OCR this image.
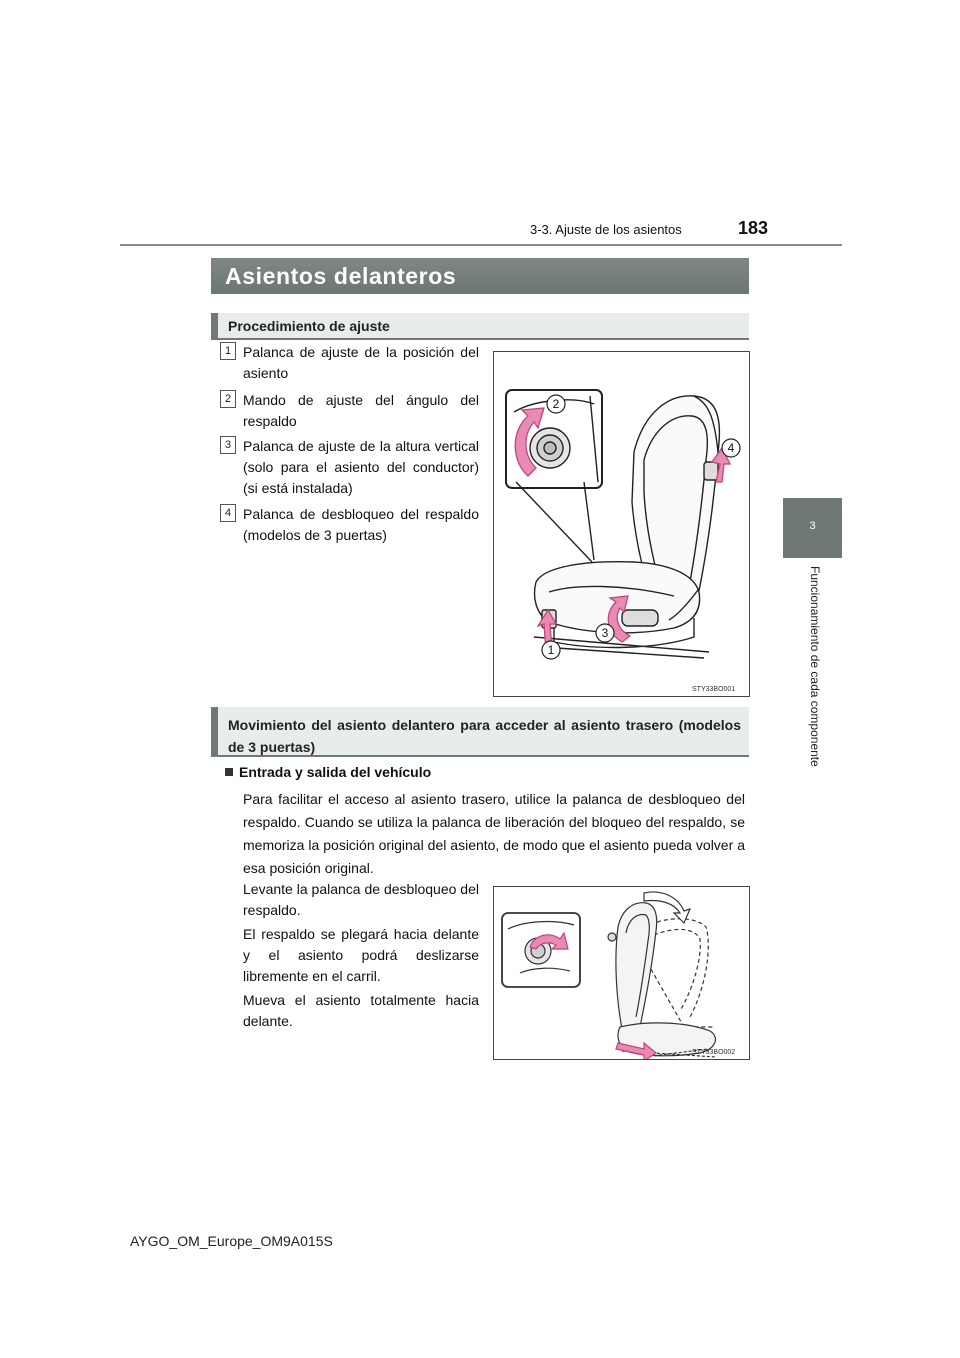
3-3. Ajuste de los asientos	183
3
Funcionamiento de cada componente
Asientos delanteros
Procedimiento de ajuste
1 Palanca de ajuste de la posición del asiento
2 Mando de ajuste del ángulo del respaldo
3 Palanca de ajuste de la altura vertical (solo para el asiento del conductor) (si está instalada)
4 Palanca de desbloqueo del respaldo (modelos de 3 puertas)
2
4
3
1
STY33BO001
Movimiento del asiento delantero para acceder al asiento trasero (modelos de 3 puertas)
Entrada y salida del vehículo
Para facilitar el acceso al asiento trasero, utilice la palanca de desbloqueo del respaldo. Cuando se utiliza la palanca de liberación del bloqueo del respaldo, se memoriza la posición original del asiento, de modo que el asiento pueda volver a esa posición original.

Levante la palanca de desbloqueo del respaldo.

El respaldo se plegará hacia delante y el asiento podrá deslizarse libremente en el carril.

Mueva el asiento totalmente hacia delante.

STY33BO002
AYGO_OM_Europe_OM9A015S
